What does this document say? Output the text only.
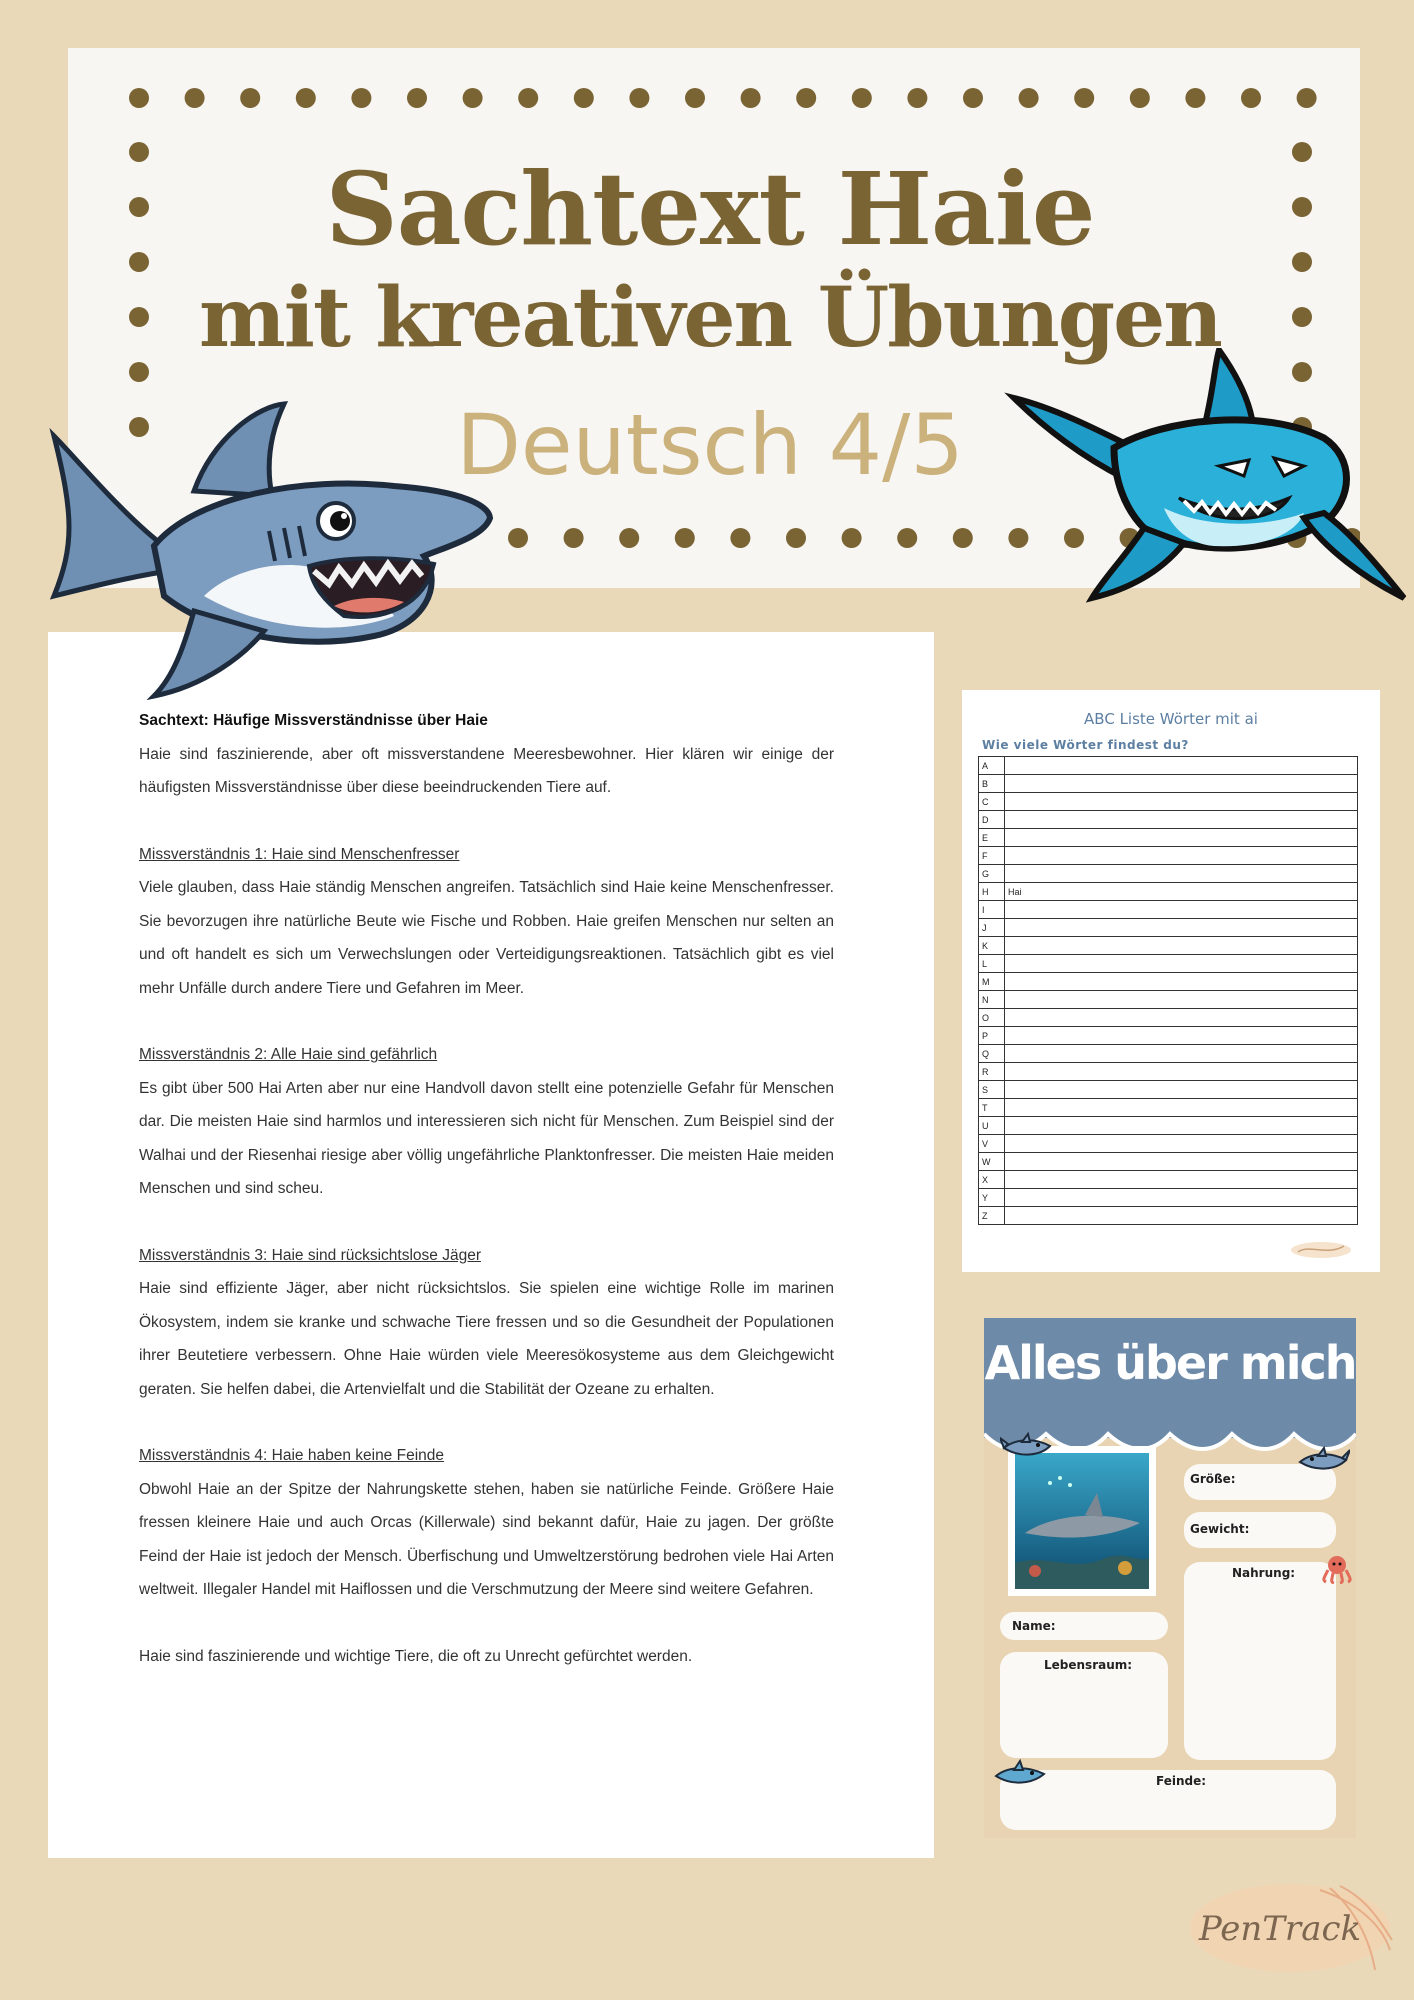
Sachtext Haie
mit kreativen Übungen
Deutsch 4/5
Sachtext: Häufige Missverständnisse über Haie

Haie sind faszinierende, aber oft missverstandene Meeresbewohner. Hier klären wir einige der häufigsten Missverständnisse über diese beeindruckenden Tiere auf.

Missverständnis 1: Haie sind Menschenfresser

Viele glauben, dass Haie ständig Menschen angreifen. Tatsächlich sind Haie keine Menschenfresser. Sie bevorzugen ihre natürliche Beute wie Fische und Robben. Haie greifen Menschen nur selten an und oft handelt es sich um Verwechslungen oder Verteidigungsreaktionen. Tatsächlich gibt es viel mehr Unfälle durch andere Tiere und Gefahren im Meer.

Missverständnis 2: Alle Haie sind gefährlich

Es gibt über 500 Hai Arten aber nur eine Handvoll davon stellt eine potenzielle Gefahr für Menschen dar. Die meisten Haie sind harmlos und interessieren sich nicht für Menschen. Zum Beispiel sind der Walhai und der Riesenhai riesige aber völlig ungefährliche Planktonfresser. Die meisten Haie meiden Menschen und sind scheu.

Missverständnis 3: Haie sind rücksichtslose Jäger

Haie sind effiziente Jäger, aber nicht rücksichtslos. Sie spielen eine wichtige Rolle im marinen Ökosystem, indem sie kranke und schwache Tiere fressen und so die Gesundheit der Populationen ihrer Beutetiere verbessern. Ohne Haie würden viele Meeresökosysteme aus dem Gleichgewicht geraten. Sie helfen dabei, die Artenvielfalt und die Stabilität der Ozeane zu erhalten.

Missverständnis 4: Haie haben keine Feinde

Obwohl Haie an der Spitze der Nahrungskette stehen, haben sie natürliche Feinde. Größere Haie fressen kleinere Haie und auch Orcas (Killerwale) sind bekannt dafür, Haie zu jagen. Der größte Feind der Haie ist jedoch der Mensch. Überfischung und Umweltzerstörung bedrohen viele Hai Arten weltweit. Illegaler Handel mit Haiflossen und die Verschmutzung der Meere sind weitere Gefahren.

Haie sind faszinierende und wichtige Tiere, die oft zu Unrecht gefürchtet werden.

ABC Liste Wörter mit ai
Wie viele Wörter findest du?
A	
B	
C	
D	
E	
F	
G	
H	Hai
I	
J	
K	
L	
M	
N	
O	
P	
Q	
R	
S	
T	
U	
V	
W	
X	
Y	
Z	
Alles über mich
Größe:
Gewicht:
Nahrung:
Name:
Lebensraum:
Feinde:
PenTrack
